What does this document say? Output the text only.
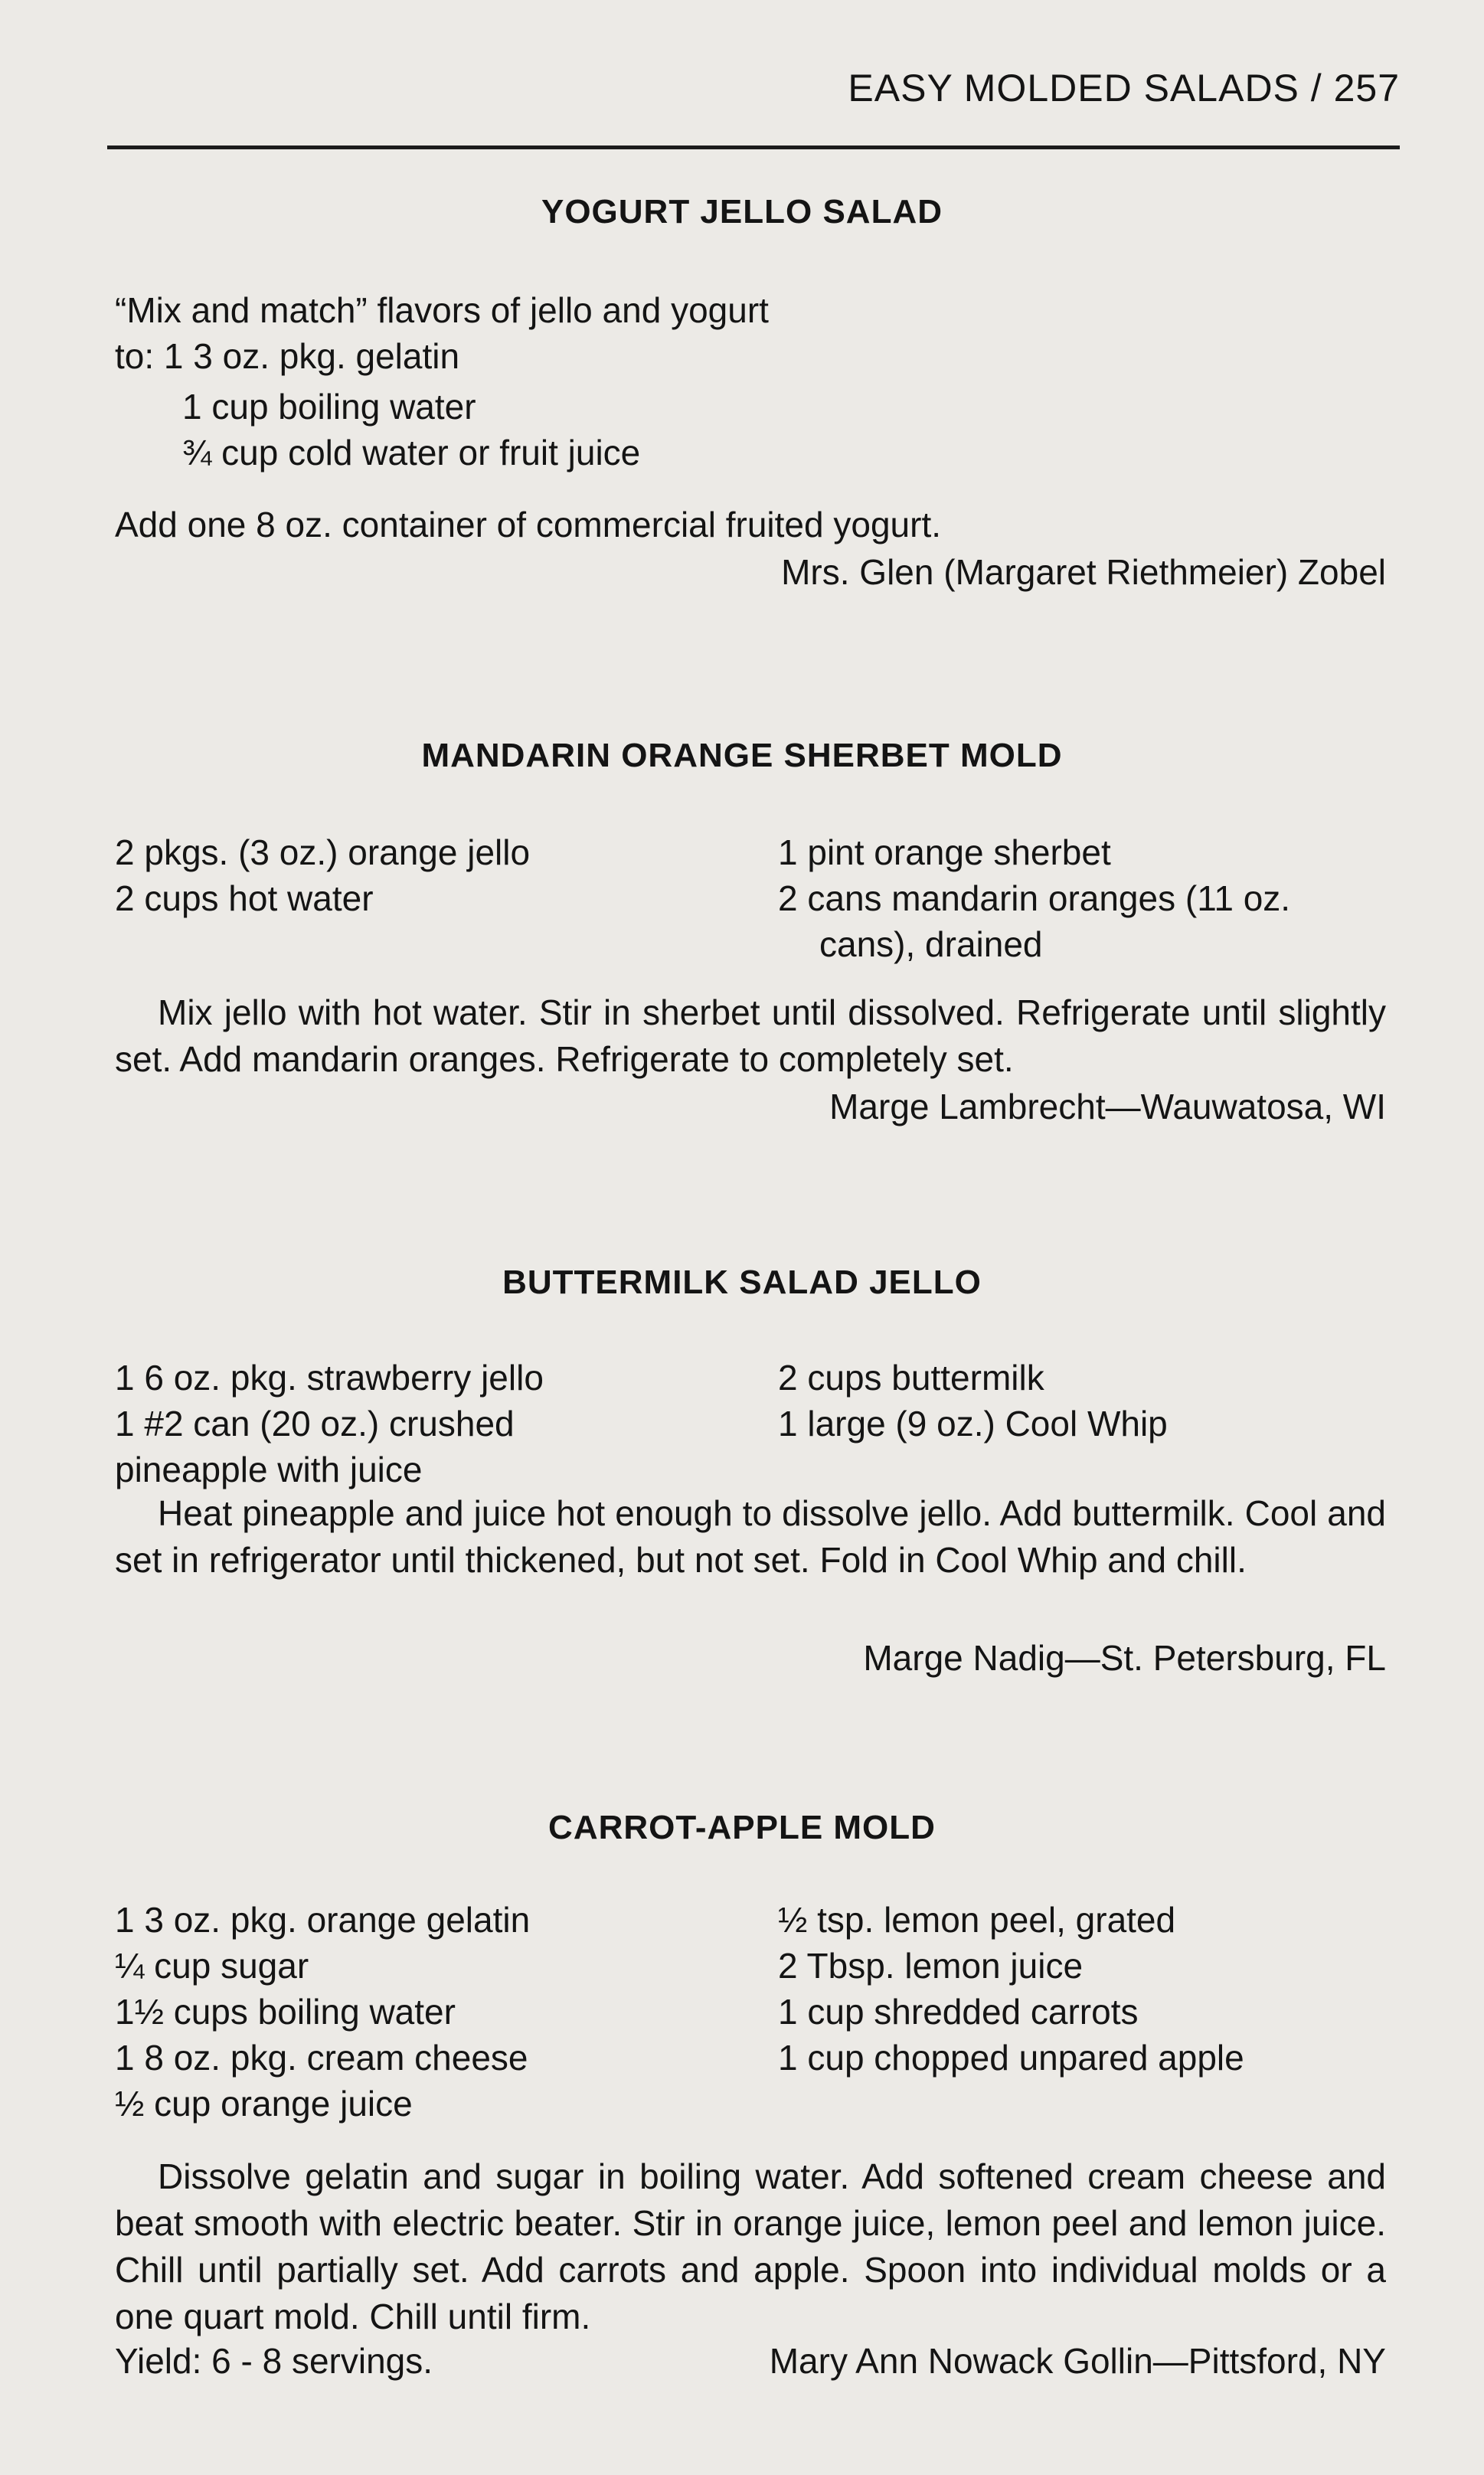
EASY MOLDED SALADS / 257
YOGURT JELLO SALAD
“Mix and match” flavors of jello and yogurt
to: 1 3 oz. pkg. gelatin
1 cup boiling water
¾ cup cold water or fruit juice
Add one 8 oz. container of commercial fruited yogurt.
Mrs. Glen (Margaret Riethmeier) Zobel
MANDARIN ORANGE SHERBET MOLD
2 pkgs. (3 oz.) orange jello
2 cups hot water
1 pint orange sherbet
2 cans mandarin oranges (11 oz.
cans), drained
Mix jello with hot water. Stir in sherbet until dissolved. Refrigerate until slightly set. Add mandarin oranges. Refrigerate to completely set.
Marge Lambrecht—Wauwatosa, WI
BUTTERMILK SALAD JELLO
1 6 oz. pkg. strawberry jello
1 #2 can (20 oz.) crushed
pineapple with juice
2 cups buttermilk
1 large (9 oz.) Cool Whip
Heat pineapple and juice hot enough to dissolve jello. Add buttermilk. Cool and set in refrigerator until thickened, but not set. Fold in Cool Whip and chill.
Marge Nadig—St. Petersburg, FL
CARROT-APPLE MOLD
1 3 oz. pkg. orange gelatin
¼ cup sugar
1½ cups boiling water
1 8 oz. pkg. cream cheese
½ cup orange juice
½ tsp. lemon peel, grated
2 Tbsp. lemon juice
1 cup shredded carrots
1 cup chopped unpared apple
Dissolve gelatin and sugar in boiling water. Add softened cream cheese and beat smooth with electric beater. Stir in orange juice, lemon peel and lemon juice. Chill until partially set. Add carrots and apple. Spoon into individual molds or a one quart mold. Chill until firm.
Yield: 6 - 8 servings.	Mary Ann Nowack Gollin—Pittsford, NY
